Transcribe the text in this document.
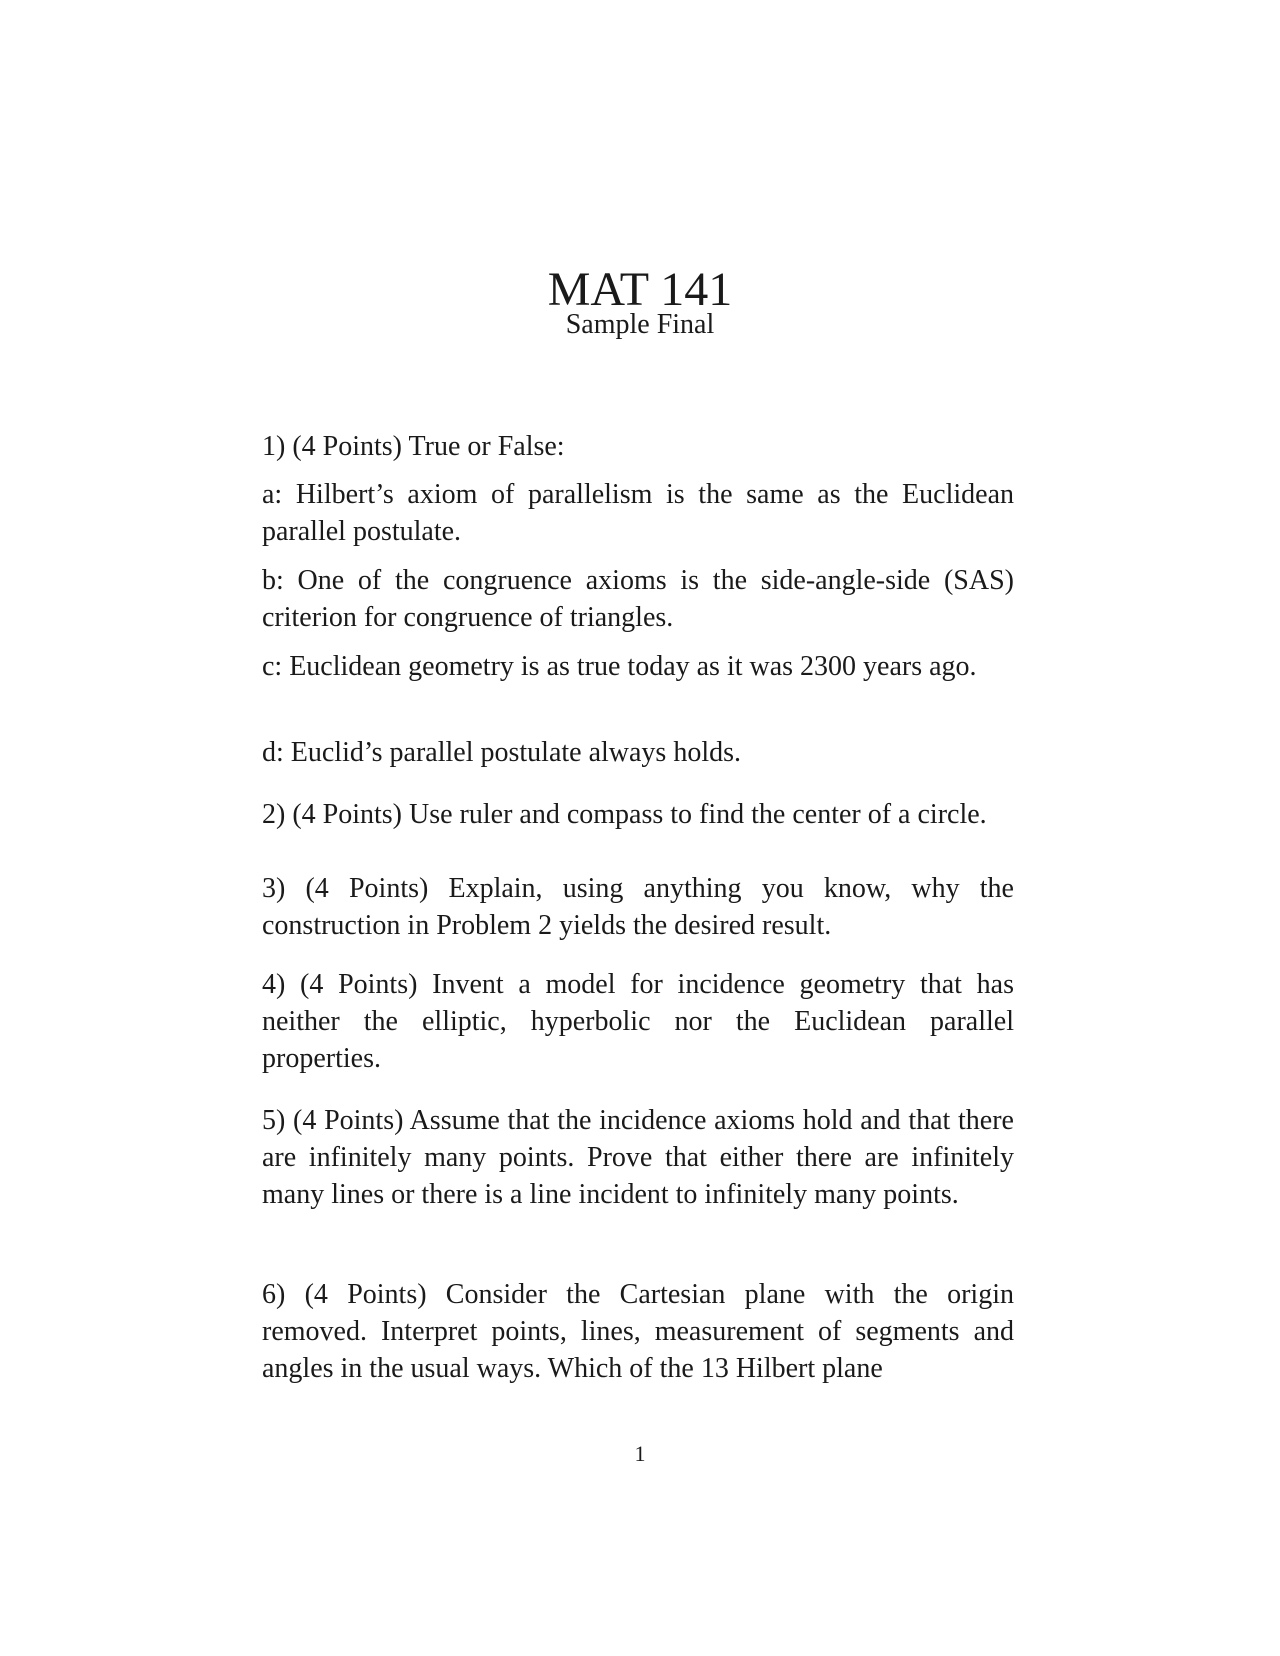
MAT 141
Sample Final
1) (4 Points) True or False:
a: Hilbert’s axiom of parallelism is the same as the Euclidean parallel postulate.
b: One of the congruence axioms is the side-angle-side (SAS) criterion for congruence of triangles.
c: Euclidean geometry is as true today as it was 2300 years ago.
d: Euclid’s parallel postulate always holds.
2) (4 Points) Use ruler and compass to find the center of a circle.
3) (4 Points) Explain, using anything you know, why the construction in Problem 2 yields the desired result.
4) (4 Points) Invent a model for incidence geometry that has neither the elliptic, hyperbolic nor the Euclidean parallel properties.
5) (4 Points) Assume that the incidence axioms hold and that there are infinitely many points. Prove that either there are infinitely many lines or there is a line incident to infinitely many points.
6) (4 Points) Consider the Cartesian plane with the origin removed. Interpret points, lines, measurement of segments and angles in the usual ways. Which of the 13 Hilbert plane
1
